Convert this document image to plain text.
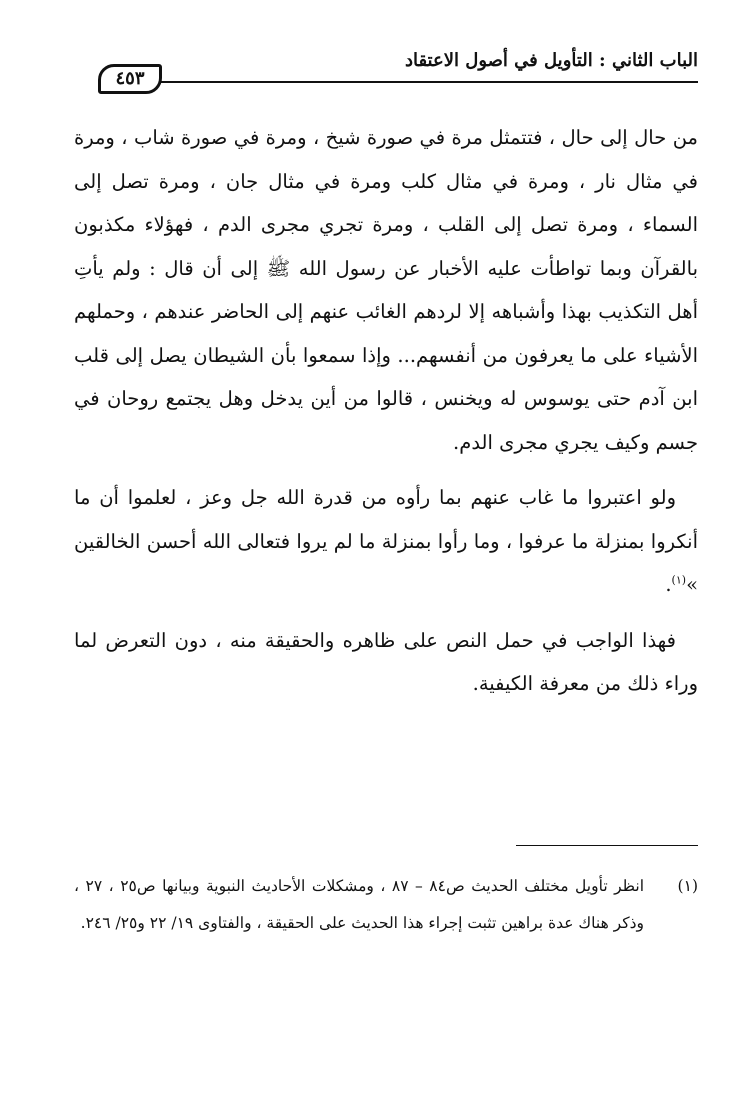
الباب الثاني : التأويل في أصول الاعتقاد
٤٥٣

من حال إلى حال ، فتتمثل مرة في صورة شيخ ، ومرة في صورة شاب ، ومرة في مثال نار ، ومرة في مثال كلب ومرة في مثال جان ، ومرة تصل إلى السماء ، ومرة تصل إلى القلب ، ومرة تجري مجرى الدم ، فهؤلاء مكذبون بالقرآن وبما تواطأت عليه الأخبار عن رسول الله ﷺ إلى أن قال : ولم يأتِ أهل التكذيب بهذا وأشباهه إلا لردهم الغائب عنهم إلى الحاضر عندهم ، وحملهم الأشياء على ما يعرفون من أنفسهم... وإذا سمعوا بأن الشيطان يصل إلى قلب ابن آدم حتى يوسوس له ويخنس ، قالوا من أين يدخل وهل يجتمع روحان في جسم وكيف يجري مجرى الدم.

ولو اعتبروا ما غاب عنهم بما رأوه من قدرة الله جل وعز ، لعلموا أن ما أنكروا بمنزلة ما عرفوا ، وما رأوا بمنزلة ما لم يروا فتعالى الله أحسن الخالقين »$^{(١)}$.

فهذا الواجب في حمل النص على ظاهره والحقيقة منه ، دون التعرض لما وراء ذلك من معرفة الكيفية.

(١)
انظر تأويل مختلف الحديث ص٨٤ – ٨٧ ، ومشكلات الأحاديث النبوية وبيانها ص٢٥ ، ٢٧ ، وذكر هناك عدة براهين تثبت إجراء هذا الحديث على الحقيقة ، والفتاوى ١٩/ ٢٢ و٢٥/ ٢٤٦.
